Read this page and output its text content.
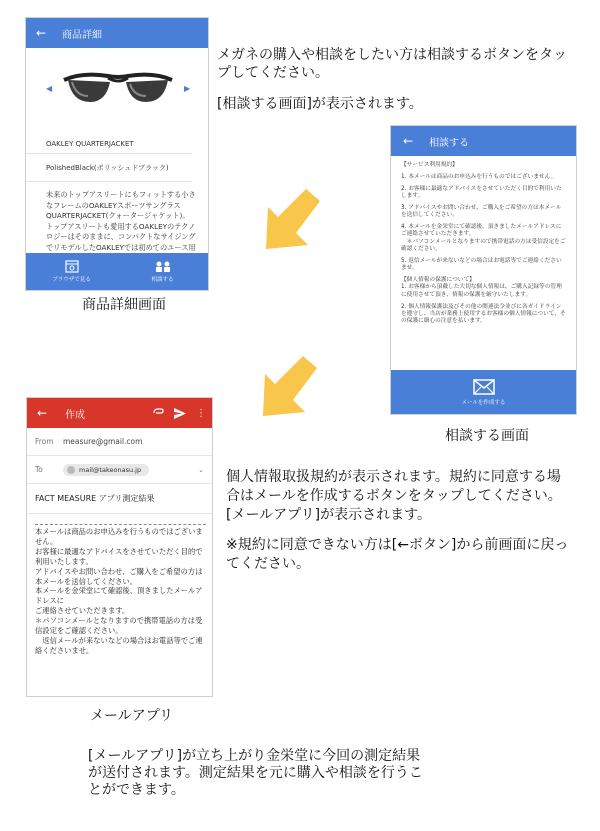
← 商品詳細
◀	▶
OAKLEY QUARTERJACKET
PolishedBlack(ポリッシュドブラック)
未来のトップアスリートにもフィットする小さなフレームのOAKLEYスポーツサングラスQUARTERJACKET(クォータージャケット)。トップアスリートも愛用するOAKLEYのテクノロジーはそのままに、コンパクトなサイジングでリモデルしたOAKLEYでは初めてのユース用
ブラウザで見る	相談する
商品詳細画面
メガネの購入や相談をしたい方は相談するボタンをタップしてください。
[相談する画面]が表示されます。
← 相談する

【サービス利用規約】

1. 本メールは商品のお申込みを行うものではございません。

2. お客様に最適なアドバイスをさせていただく目的で利用いたします。

3. アドバイスやお問い合わせ、ご購入をご希望の方は本メールを送信してください。

4. 本メールを金栄堂にて確認後、頂きましたメールアドレスにご連絡させていただきます。
　＊パソコンメールとなりますので携帯電話の方は受信設定をご確認ください。

5. 返信メールが来ないなどの場合はお電話等でご連絡くださいませ。

【個人情報の保護について】
1. お客様から頂戴した大切な個人情報は、ご購入記録等の管理に使用させて頂き、情報の保護を厳守いたします。

2. 個人情報保護法及びその他の関連法令並びに各ガイドラインを遵守し、当店が業務上使用するお客様の個人情報について、その保護に細心の注意を払います。

メールを作成する
相談する画面
個人情報取扱規約が表示されます。規約に同意する場合はメールを作成するボタンをタップしてください。[メールアプリ]が表示されます。
※規約に同意できない方は[←ボタン]から前画面に戻ってください。
← 作成	⋮
From	measure@gmail.com
To	mail@takeonasu.jp	⌄
FACT MEASURE アプリ測定結果
本メールは商品のお申込みを行うものではございません。
お客様に最適なアドバイスをさせていただく目的で利用いたします。
アドバイスやお問い合わせ、ご購入をご希望の方は本メールを送信してください。
本メールを金栄堂にて確認後、頂きましたメールアドレスに
ご連絡させていただきます。
＊パソコンメールとなりますので携帯電話の方は受信設定をご確認ください。
　返信メールが来ないなどの場合はお電話等でご連絡くださいませ。
メールアプリ
[メールアプリ]が立ち上がり金栄堂に今回の測定結果が送付されます。測定結果を元に購入や相談を行うことができます。
